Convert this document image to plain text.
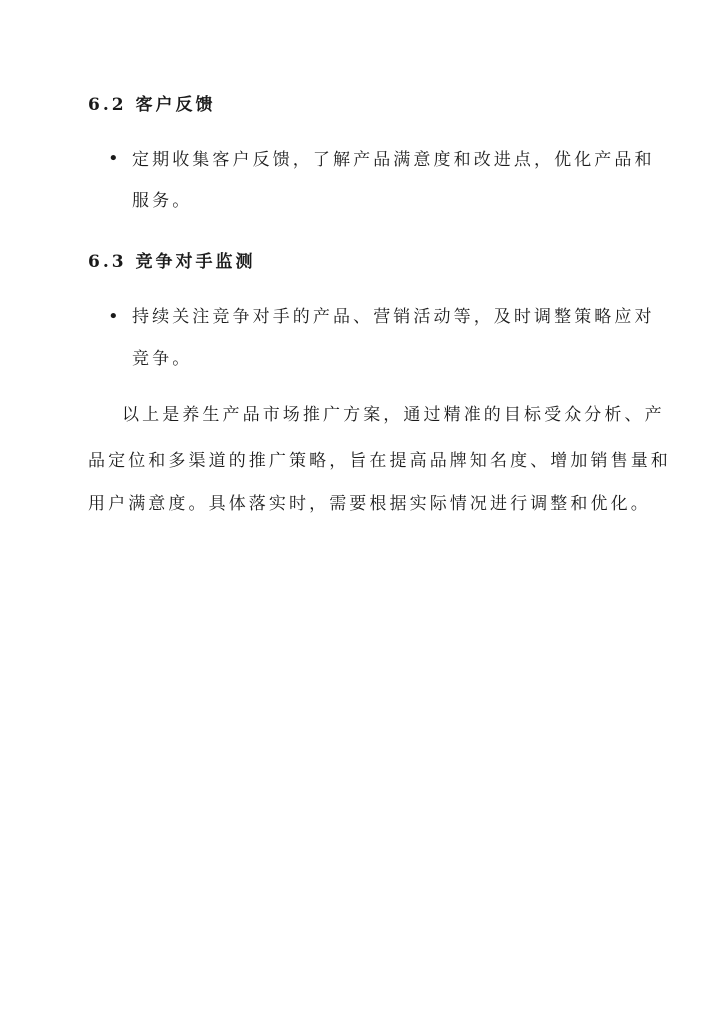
6.2 客户反馈
• 定期收集客户反馈，了解产品满意度和改进点，优化产品和
服务。
6.3 竞争对手监测
• 持续关注竞争对手的产品、营销活动等，及时调整策略应对
竞争。
以上是养生产品市场推广方案，通过精准的目标受众分析、产
品定位和多渠道的推广策略，旨在提高品牌知名度、增加销售量和
用户满意度。具体落实时，需要根据实际情况进行调整和优化。
